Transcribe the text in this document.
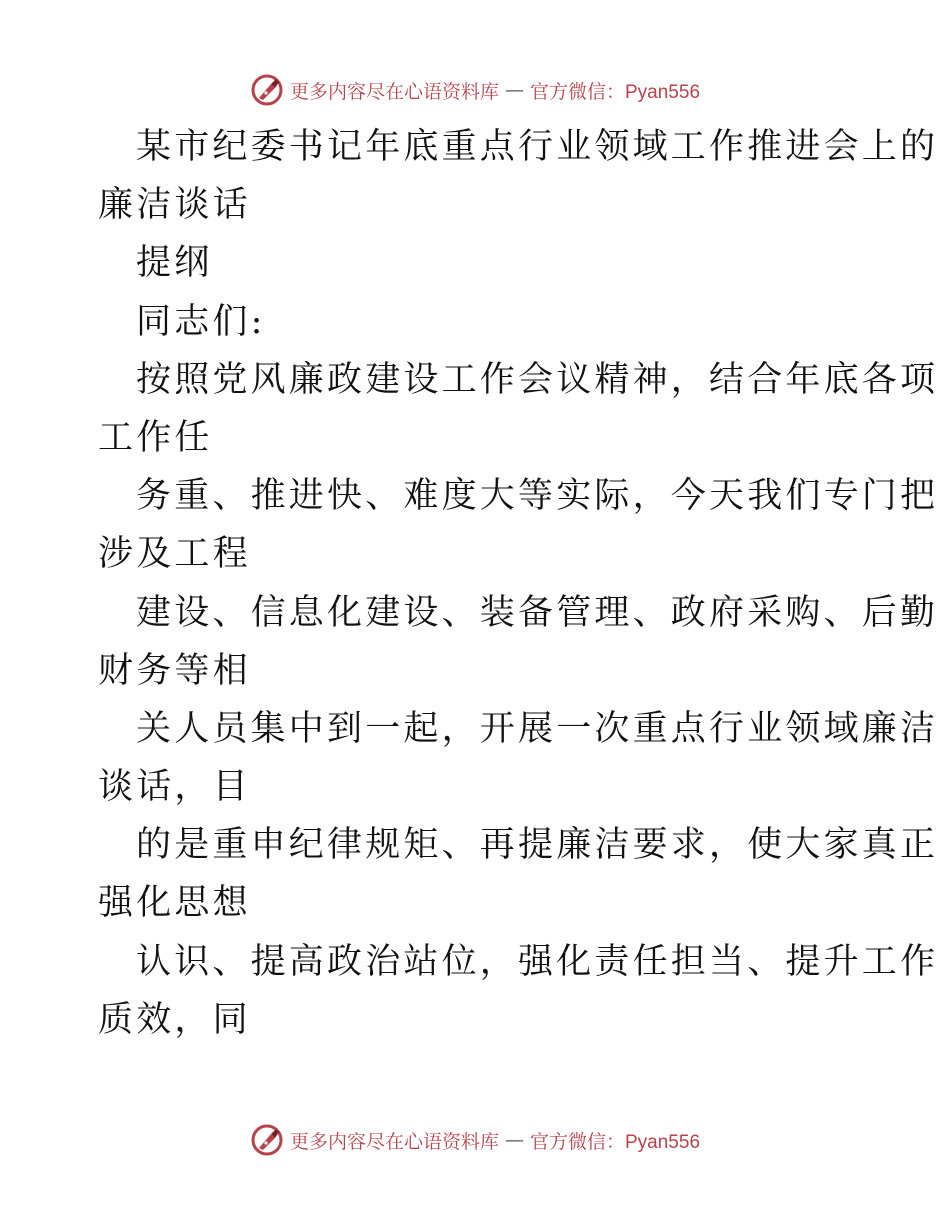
更多内容尽在心语资料库 — 官方微信：Pyan556
某市纪委书记年底重点行业领域工作推进会上的
廉洁谈话
提纲
同志们:
按照党风廉政建设工作会议精神，结合年底各项
工作任
务重、推进快、难度大等实际，今天我们专门把
涉及工程
建设、信息化建设、装备管理、政府采购、后勤
财务等相
关人员集中到一起，开展一次重点行业领域廉洁
谈话，目
的是重申纪律规矩、再提廉洁要求，使大家真正
强化思想
认识、提高政治站位，强化责任担当、提升工作
质效，同
更多内容尽在心语资料库 — 官方微信：Pyan556
